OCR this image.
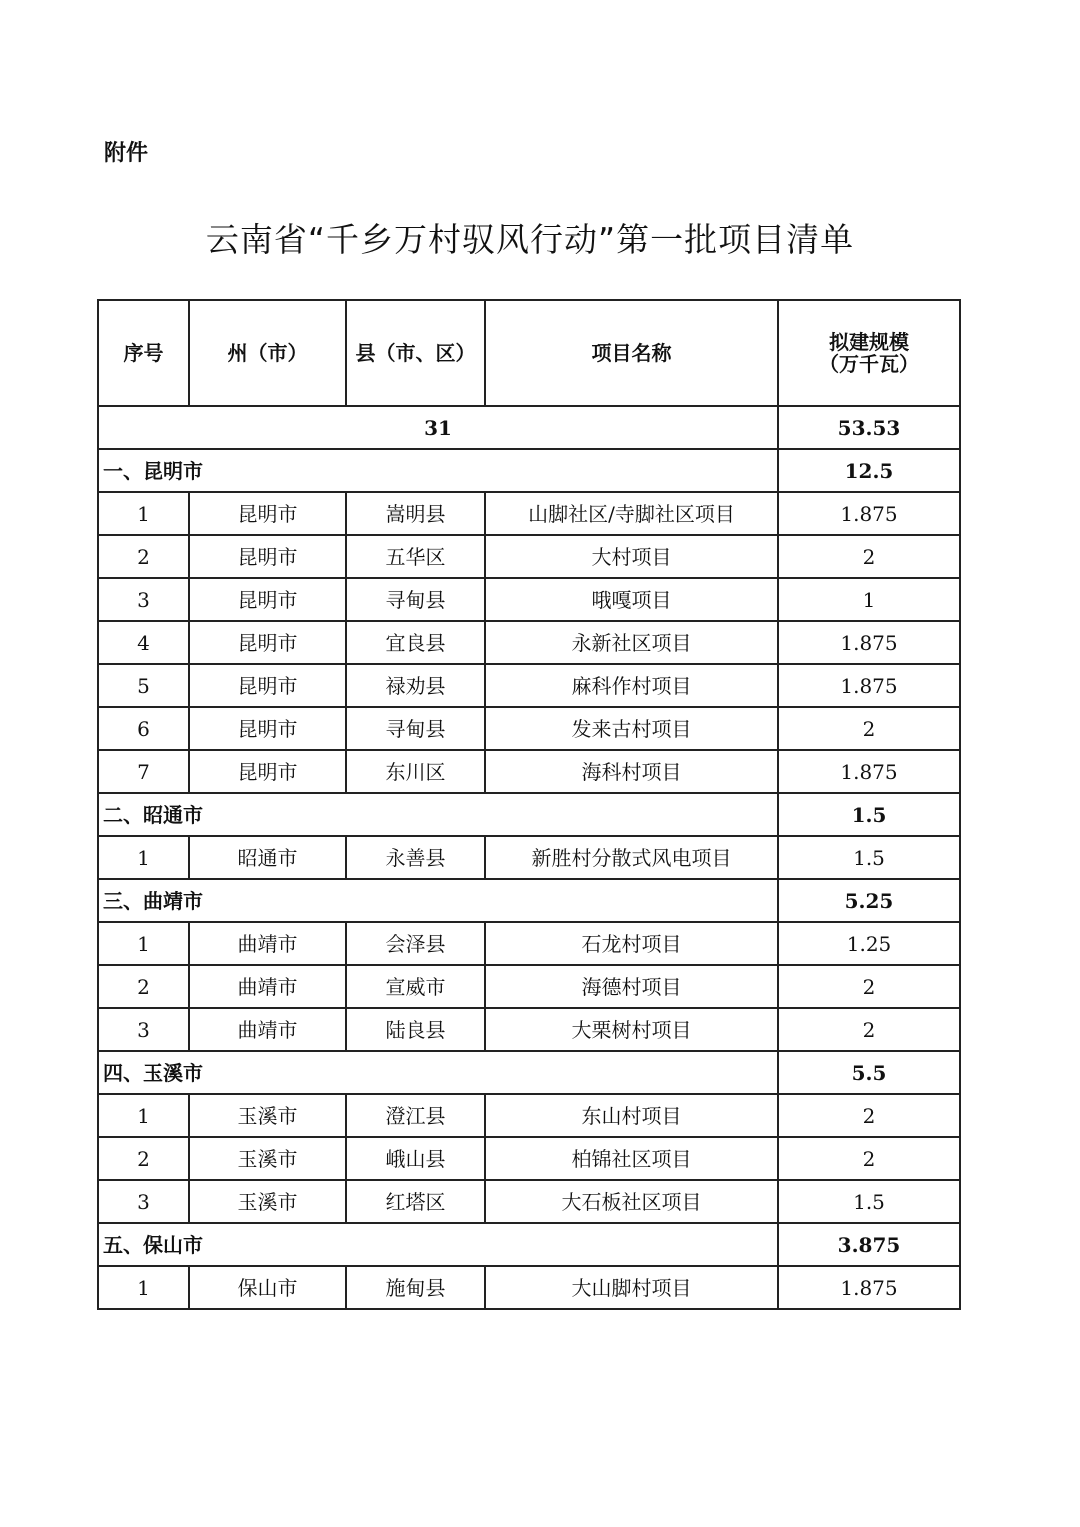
附件
云南省“千乡万村驭风行动”第一批项目清单
序号	州（市）	县（市、区）	项目名称	拟建规模
（万千瓦）

31				53.53
一、昆明市				12.5
1	昆明市	嵩明县	山脚社区/寺脚社区项目	1.875
2	昆明市	五华区	大村项目	2
3	昆明市	寻甸县	哦嘎项目	1
4	昆明市	宜良县	永新社区项目	1.875
5	昆明市	禄劝县	麻科作村项目	1.875
6	昆明市	寻甸县	发来古村项目	2
7	昆明市	东川区	海科村项目	1.875
二、昭通市				1.5
1	昭通市	永善县	新胜村分散式风电项目	1.5
三、曲靖市				5.25
1	曲靖市	会泽县	石龙村项目	1.25
2	曲靖市	宣威市	海德村项目	2
3	曲靖市	陆良县	大栗树村项目	2
四、玉溪市				5.5
1	玉溪市	澄江县	东山村项目	2
2	玉溪市	峨山县	柏锦社区项目	2
3	玉溪市	红塔区	大石板社区项目	1.5
五、保山市				3.875
1	保山市	施甸县	大山脚村项目	1.875
